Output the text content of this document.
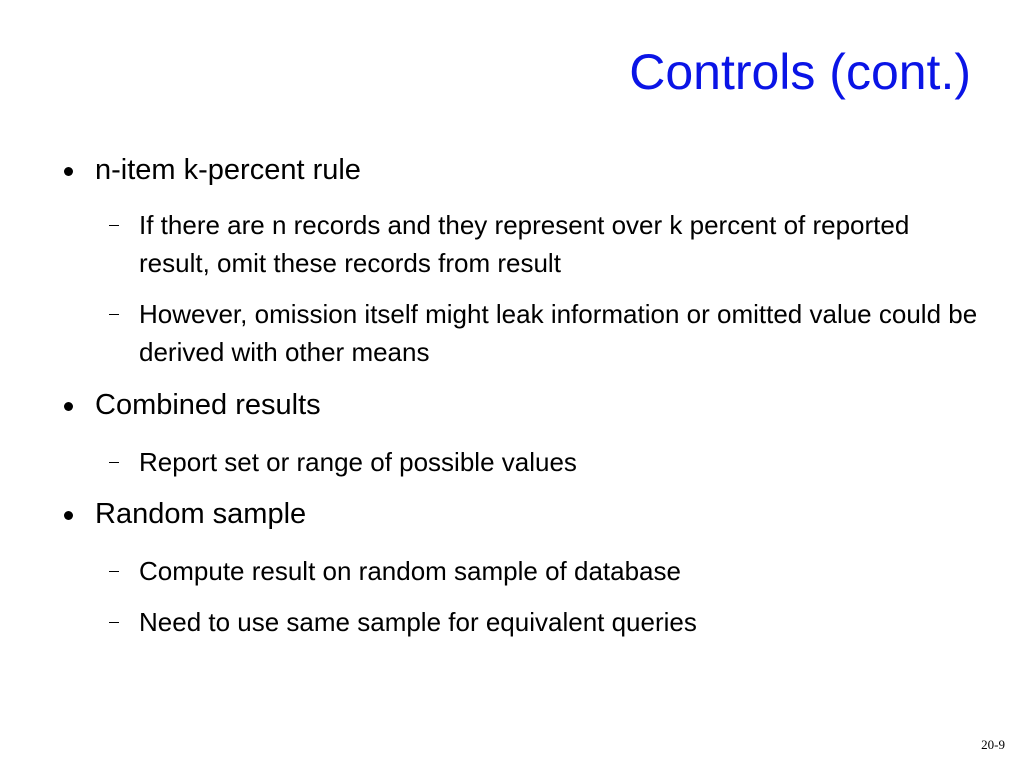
Controls (cont.)
n-item k-percent rule
If there are n records and they represent over k percent of reported result, omit these records from result
However, omission itself might leak information or omitted value could be derived with other means
Combined results
Report set or range of possible values
Random sample
Compute result on random sample of database
Need to use same sample for equivalent queries
20-9
